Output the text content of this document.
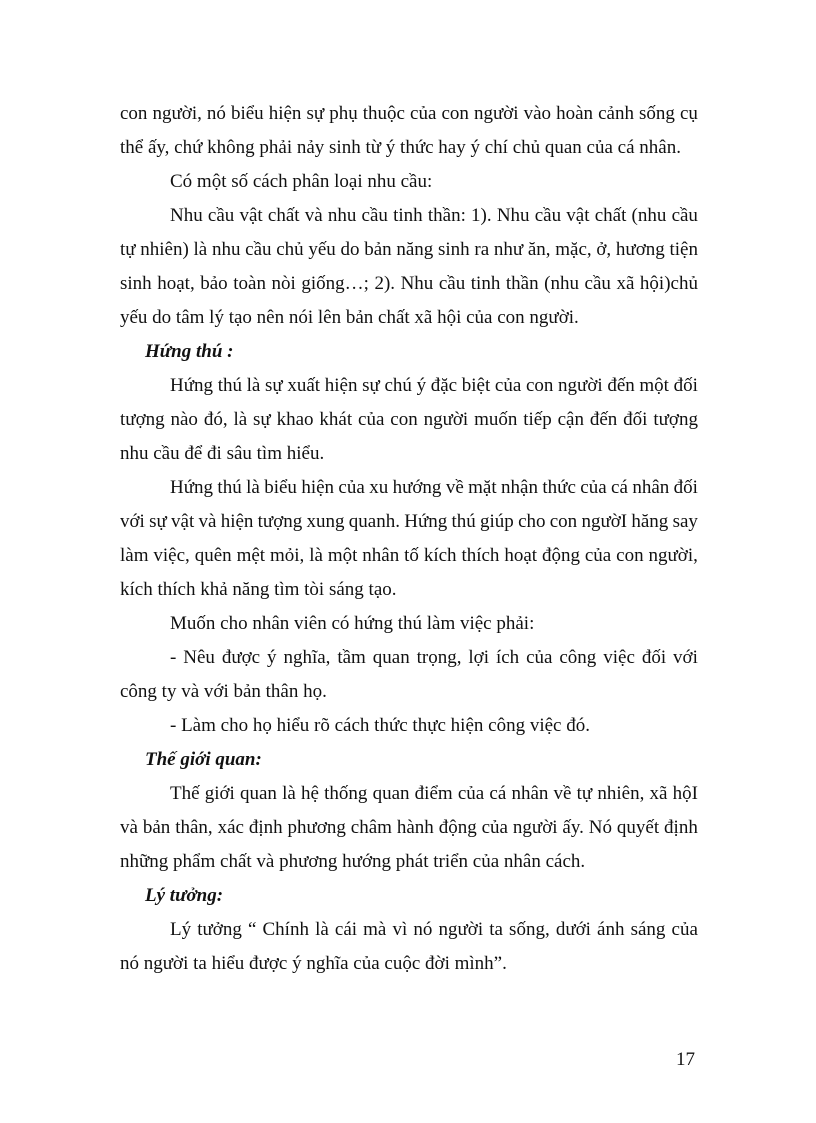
con người, nó biểu hiện sự phụ thuộc của con người vào hoàn cảnh sống cụ
thể ấy, chứ không phải nảy sinh từ ý thức hay ý chí chủ quan của cá nhân.
Có một số cách phân loại nhu cầu:
Nhu cầu vật chất và nhu cầu tinh thần: 1). Nhu cầu vật chất (nhu cầu
tự nhiên) là nhu cầu chủ yếu do bản năng sinh ra như ăn, mặc, ở, hương tiện
sinh hoạt, bảo toàn nòi giống…; 2). Nhu cầu tinh thần (nhu cầu xã hội)chủ
yếu do tâm lý tạo nên nói lên bản chất xã hội của con người.
Hứng thú :
Hứng thú là sự xuất hiện sự chú ý đặc biệt của con người đến một đối
tượng nào đó, là sự khao khát của con người muốn tiếp cận đến đối tượng
nhu cầu để đi sâu tìm hiểu.
Hứng thú là biểu hiện của xu hướng về mặt nhận thức của cá nhân đối
với sự vật và hiện tượng xung quanh. Hứng thú giúp cho con ngườI hăng say
làm việc, quên mệt mỏi, là một nhân tố kích thích hoạt động của con người,
kích thích khả năng tìm tòi sáng tạo.
Muốn cho nhân viên có hứng thú làm việc phải:
- Nêu được ý nghĩa, tầm quan trọng, lợi ích của công việc đối với
công ty và với bản thân họ.
- Làm cho họ hiểu rõ cách thức thực hiện công việc đó.
Thế giới quan:
Thế giới quan là hệ thống quan điểm của cá nhân về tự nhiên, xã hộI
và bản thân, xác định phương châm hành động của người ấy. Nó quyết định
những phẩm chất và phương hướng phát triển của nhân cách.
Lý tưởng:
Lý tưởng “ Chính là cái mà vì nó người ta sống, dưới ánh sáng của
nó người ta hiểu được ý nghĩa của cuộc đời mình”.
17
